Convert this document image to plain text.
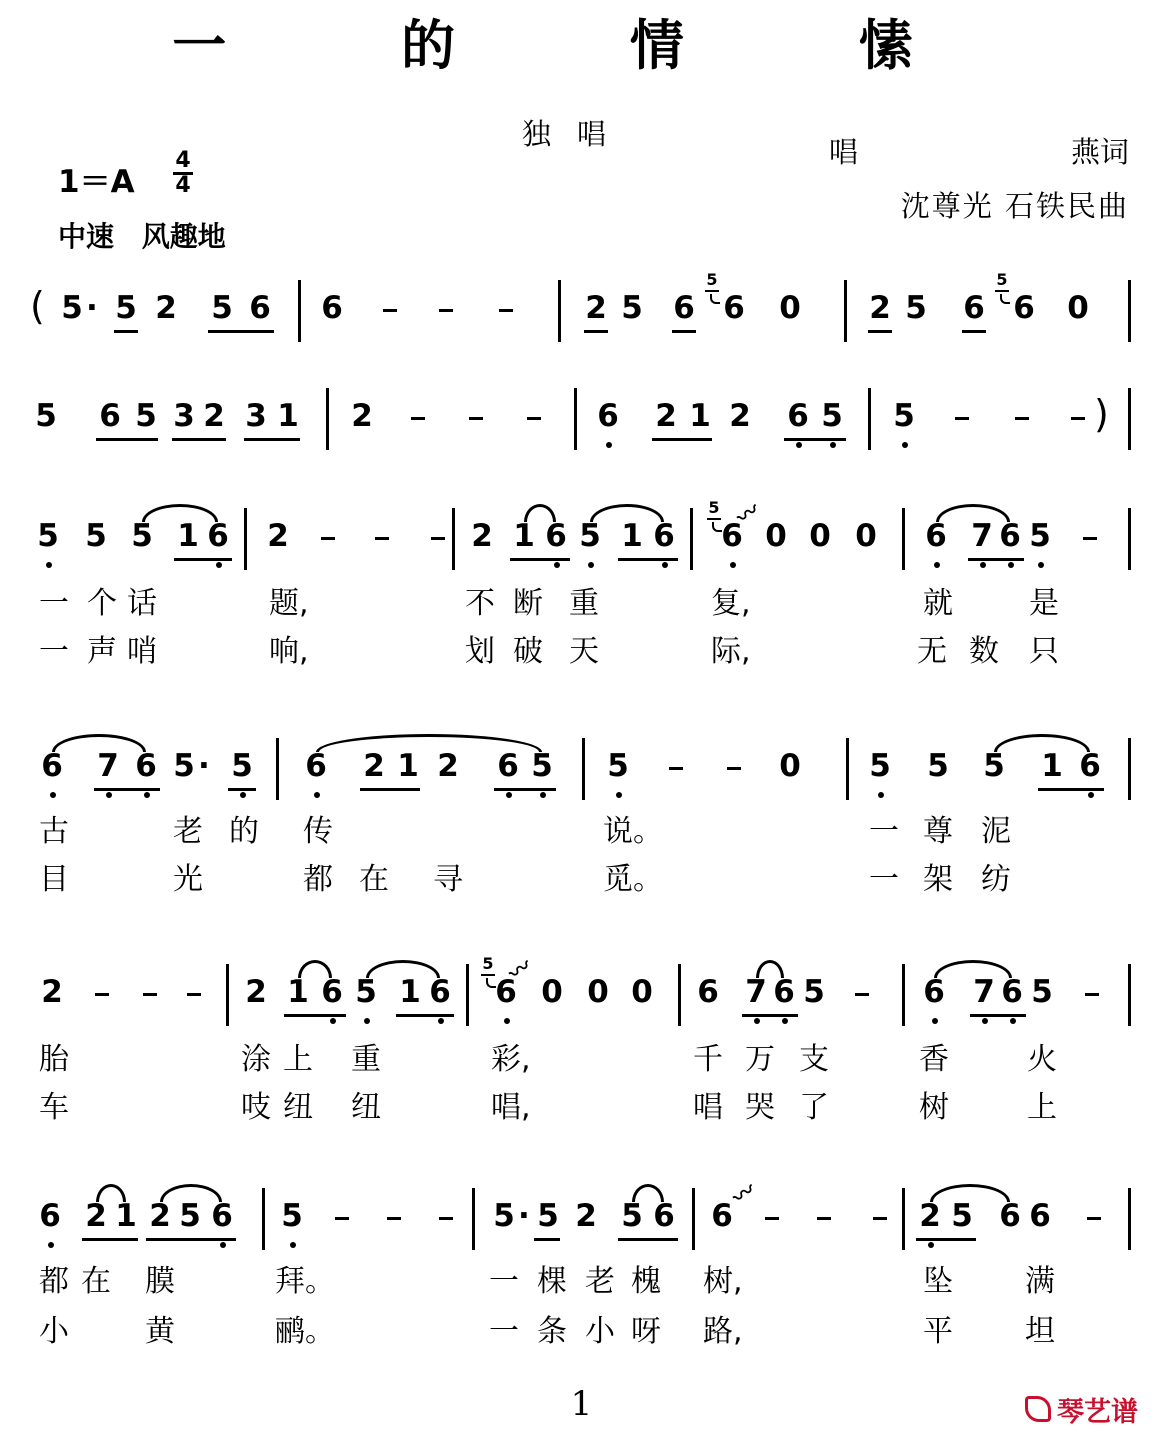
一 的 情 愫
独唱
唱	燕词
沈尊光 石铁民曲
1＝A
4
4
中速 风趣地
( 5 · 5 2 5 6 6	2 5 6
5
6 0 2 5 6
5
6 0
5 6 5 3 2 3 1 2	6 2 1 2 6 5 5	)
5 5 5 1 6 2	2 1 6 5 1 6
5 〰
6 0 0 0 6 7 6 5
6 7 6 5 · 5 6 2 1 2 6 5 5	0 5 5 5 1 6
2	2 1 6 5 1 6
5 〰
6 0 0 0 6 7 6 5	6 7 6 5
6 2 1 2 5 6 5	5 · 5 2 5 6 6
〰
2 5 6 6
一 个 话	题,	不 断 重	复,	就	是
一 声 哨	响,	划 破 天	际,	无 数 只
古	老 的 传	说。	一 尊 泥
目	光	都 在 寻	觅。	一 架 纺
胎	涂 上 重	彩,	千 万 支	香	火
车	吱 纽 纽	唱,	唱 哭 了	树	上
都 在 膜	拜。	一 棵 老 槐 树,	坠 满
小	黄	鹂。	一 条 小 呀 路,	平 坦
1	琴艺谱
